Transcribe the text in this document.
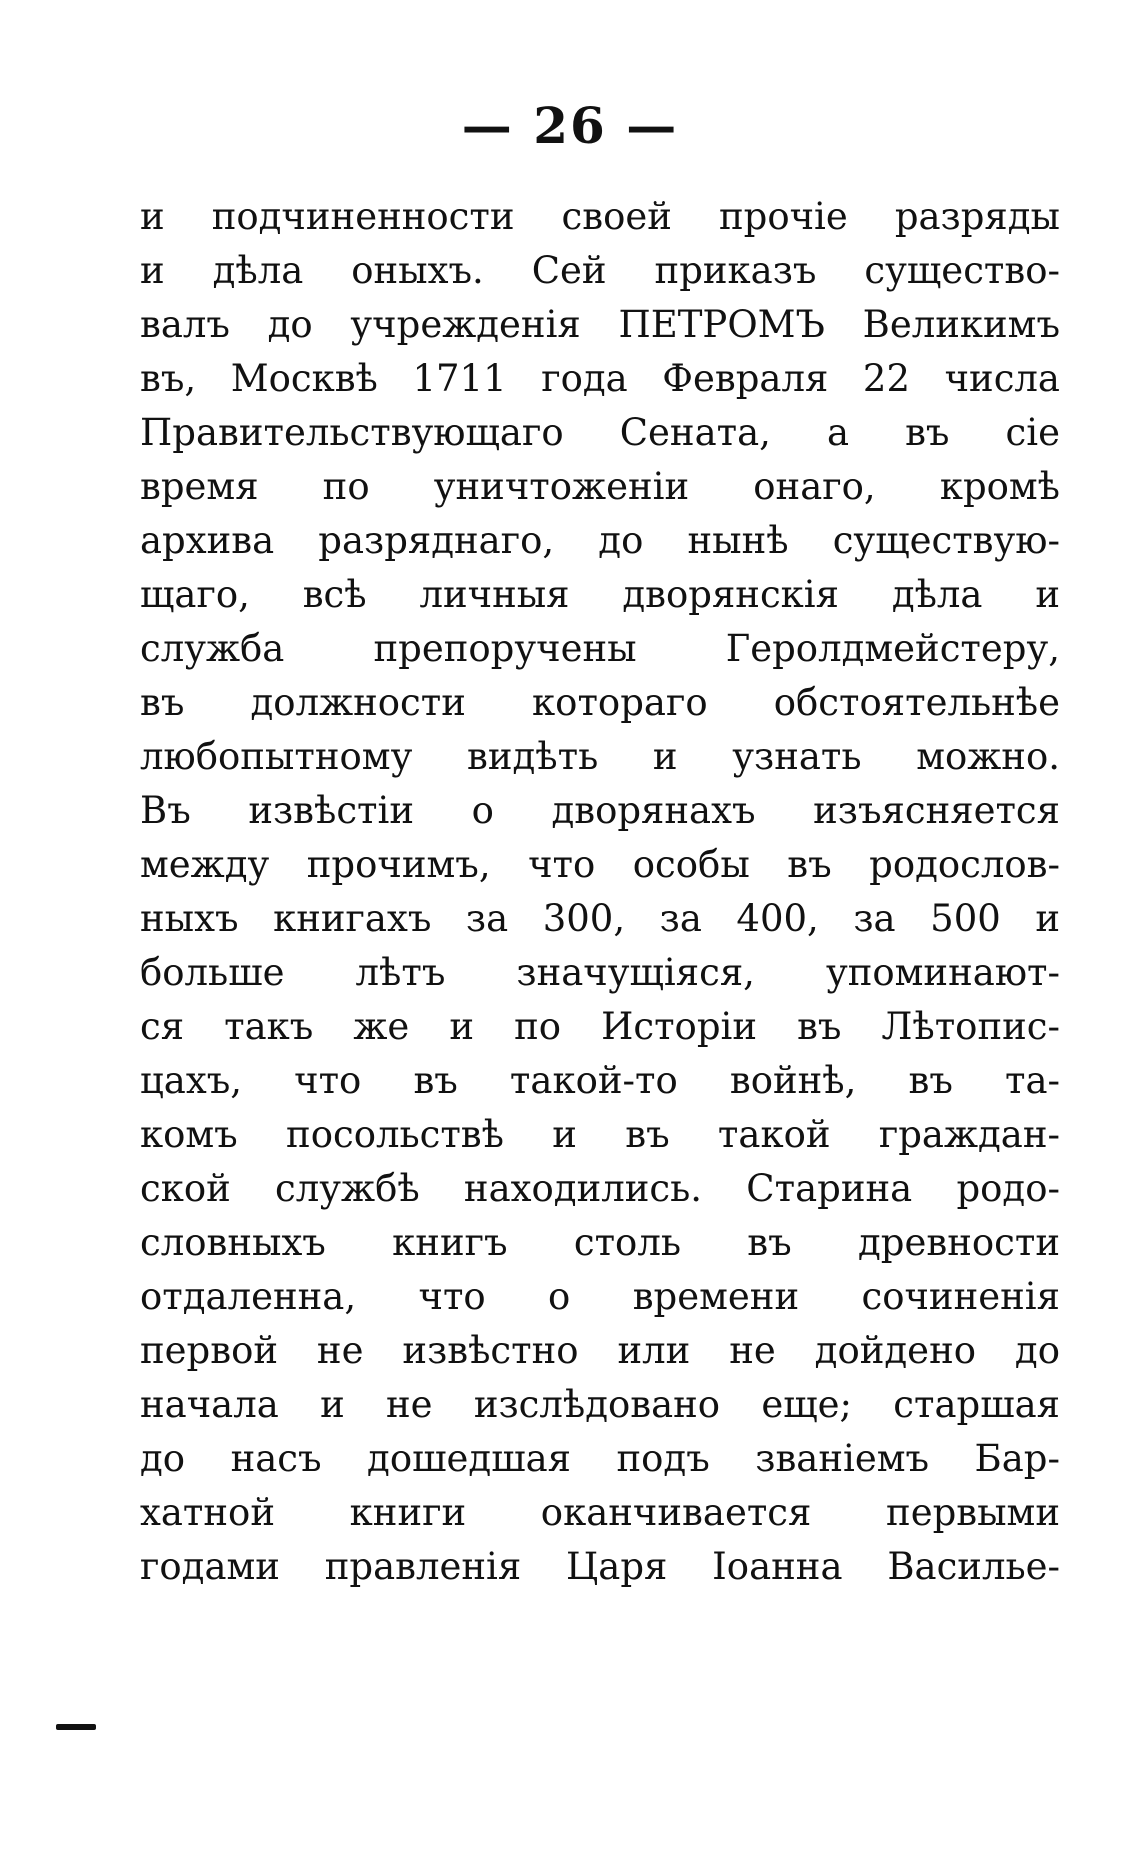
— 26 —
и подчиненности своей прочіе разряды
и дѣла оныхъ. Сей приказъ существо-
валъ до учрежденія ПЕТРОМЪ Великимъ
въ, Москвѣ 1711 года Февраля 22 числа
Правительствующаго Сената, а въ сіе
время по уничтоженіи онаго, кромѣ
архива разряднаго, до нынѣ существую-
щаго, всѣ личныя дворянскія дѣла и
служба препоручены Геролдмейстеру,
въ должности котораго обстоятельнѣе
любопытному видѣть и узнать можно.
Въ извѣстіи о дворянахъ изъясняется
между прочимъ, что особы въ родослов-
ныхъ книгахъ за 300, за 400, за 500 и
больше лѣтъ значущіяся, упоминают-
ся такъ же и по Исторіи въ Лѣтопис-
цахъ, что въ такой-то войнѣ, въ та-
комъ посольствѣ и въ такой граждан-
ской службѣ находились. Старина родо-
словныхъ книгъ столь въ древности
отдаленна, что о времени сочиненія
первой не извѣстно или не дойдено до
начала и не изслѣдовано еще; старшая
до насъ дошедшая подъ званіемъ Бар-
хатной книги оканчивается первыми
годами правленія Царя Іоанна Василье-
